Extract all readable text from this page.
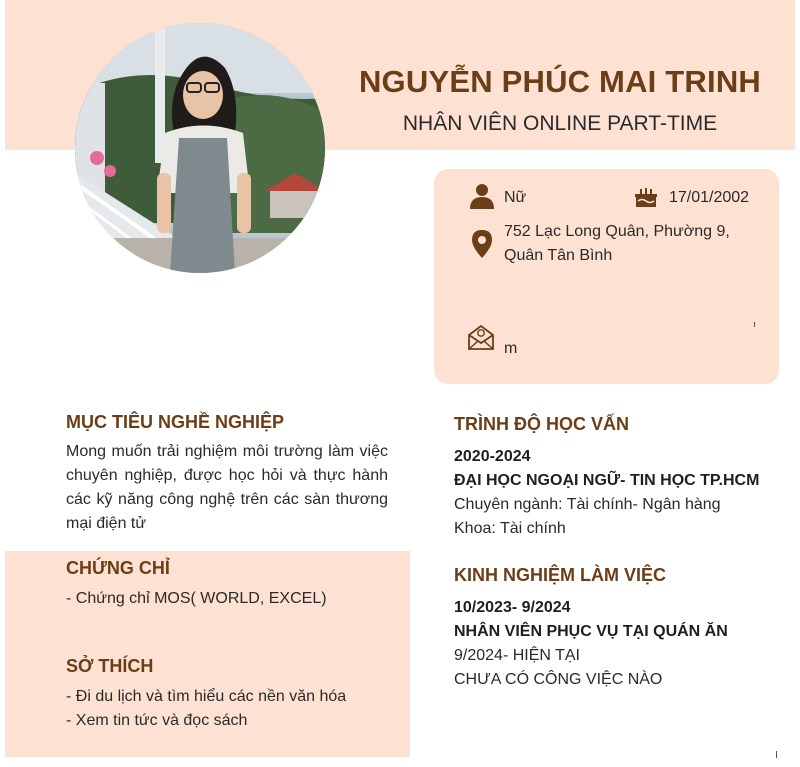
NGUYỄN PHÚC MAI TRINH
NHÂN VIÊN ONLINE PART-TIME
Nữ	17/01/2002
752 Lạc Long Quân, Phường 9,
Quân Tân Bình
m
MỤC TIÊU NGHỀ NGHIỆP
Mong muốn trải nghiệm môi trường làm việc chuyên nghiệp, được học hỏi và thực hành các kỹ năng công nghệ trên các sàn thương mại điện tử
CHỨNG CHỈ
- Chứng chỉ MOS( WORLD, EXCEL)
SỞ THÍCH
- Đi du lịch và tìm hiểu các nền văn hóa
- Xem tin tức và đọc sách
TRÌNH ĐỘ HỌC VẤN
2020-2024
ĐẠI HỌC NGOẠI NGỮ- TIN HỌC TP.HCM
Chuyên ngành: Tài chính- Ngân hàng
Khoa: Tài chính
KINH NGHIỆM LÀM VIỆC
10/2023- 9/2024
NHÂN VIÊN PHỤC VỤ TẠI QUÁN ĂN
9/2024- HIỆN TẠI
CHƯA CÓ CÔNG VIỆC NÀO
